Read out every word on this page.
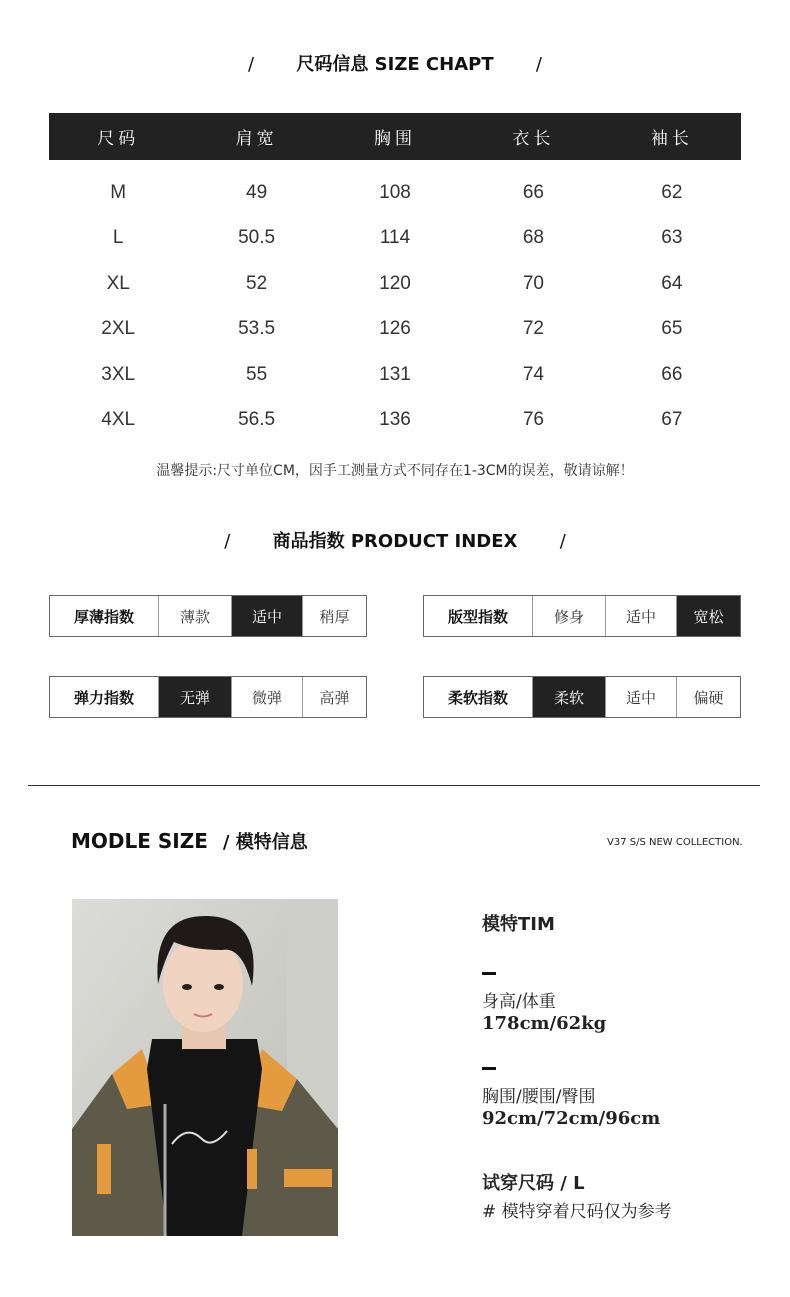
/ 尺码信息 SIZE CHAPT /
尺码	肩宽	胸围	衣长	袖长
M	49	108	66	62
L	50.5	114	68	63
XL	52	120	70	64
2XL	53.5	126	72	65
3XL	55	131	74	66
4XL	56.5	136	76	67
温馨提示:尺寸单位CM，因手工测量方式不同存在1-3CM的误差，敬请谅解！
/ 商品指数 PRODUCT INDEX /
厚薄指数	薄款	适中	稍厚	版型指数	修身	适中	宽松
弹力指数	无弹	微弹	高弹	柔软指数	柔软	适中	偏硬
MODLE SIZE / 模特信息	V37 S/S NEW COLLECTION.
模特TIM
身高/体重
178cm/62kg
胸围/腰围/臀围
92cm/72cm/96cm
试穿尺码 / L
# 模特穿着尺码仅为参考
